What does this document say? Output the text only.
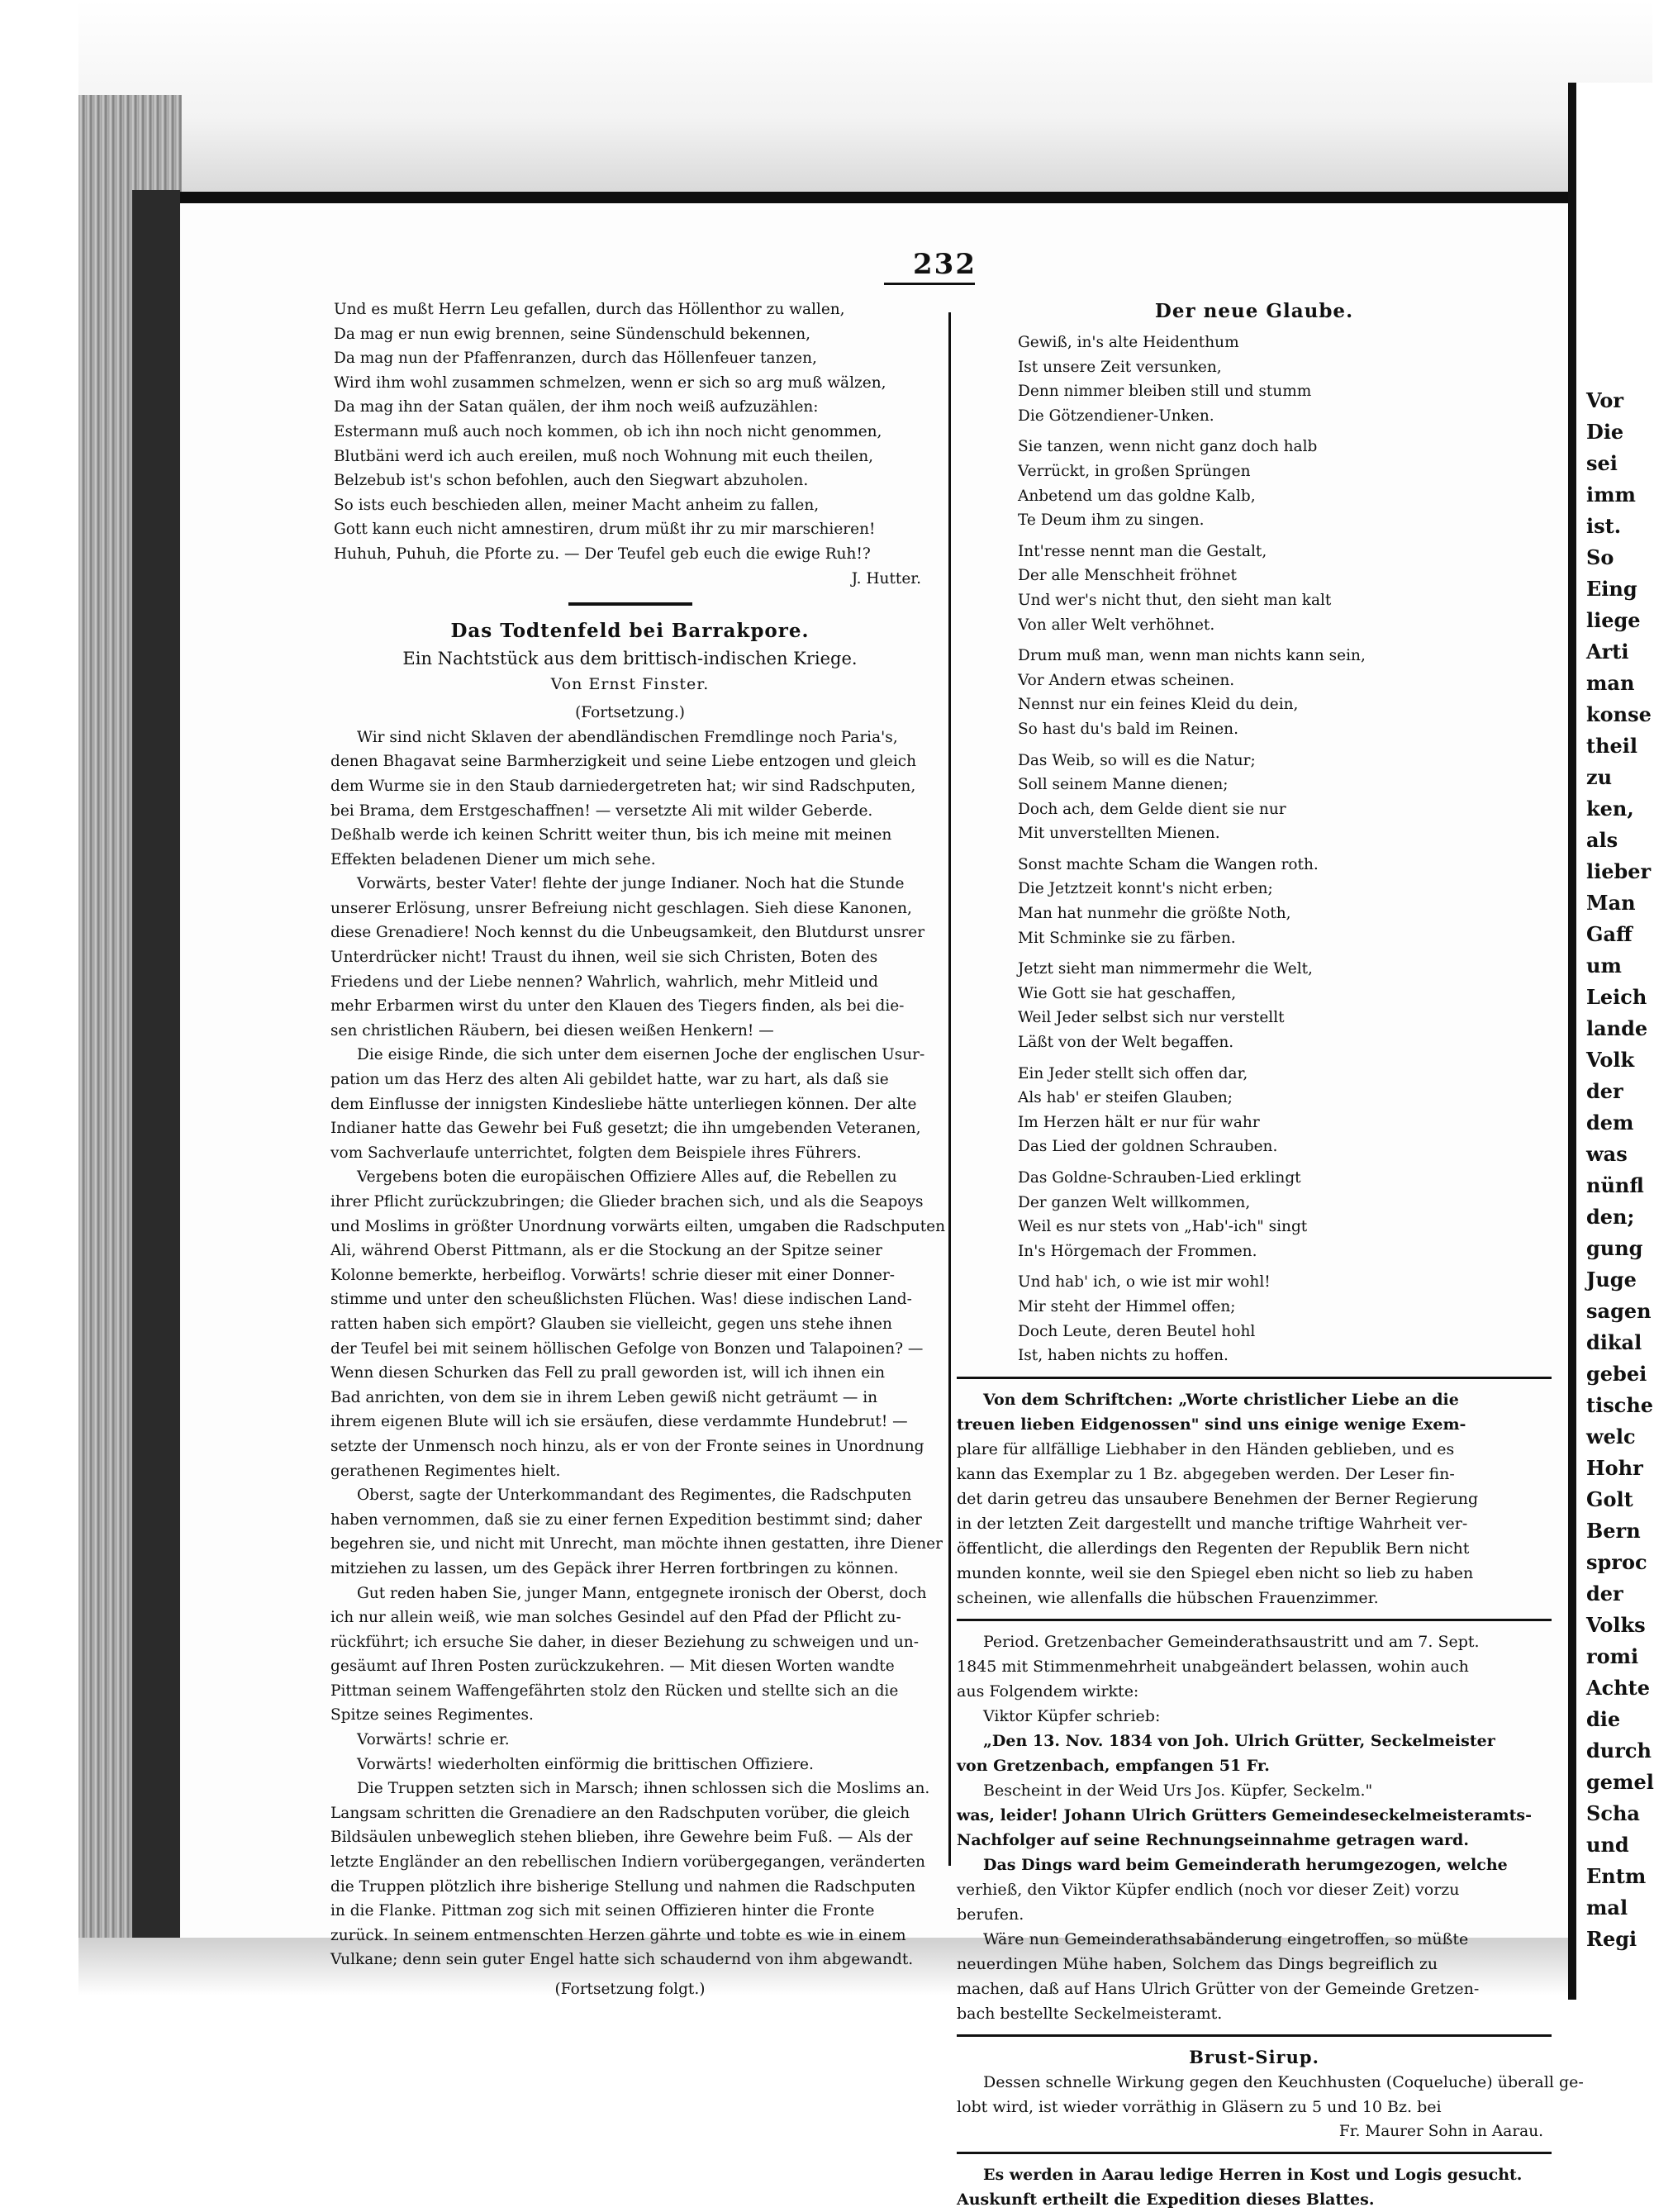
Vor
Die
sei
imm
ist.
So
Eing
liege
Arti
man
konse
theil
zu
ken,
als
lieber
Man
Gaff
um
Leich
lande
Volk
der
dem
was
nünfl
den;
gung
Juge
sagen
dikal
gebei
tische
welc
Hohr
Golt
Bern
sproc
der
Volks
romi
Achte
die
durch
gemel
Scha
und
Entm
mal
Regi
232
Und es mußt Herrn Leu gefallen, durch das Höllenthor zu wallen,
Da mag er nun ewig brennen, seine Sündenschuld bekennen,
Da mag nun der Pfaffenranzen, durch das Höllenfeuer tanzen,
Wird ihm wohl zusammen schmelzen, wenn er sich so arg muß wälzen,
Da mag ihn der Satan quälen, der ihm noch weiß aufzuzählen:
Estermann muß auch noch kommen, ob ich ihn noch nicht genommen,
Blutbäni werd ich auch ereilen, muß noch Wohnung mit euch theilen,
Belzebub ist's schon befohlen, auch den Siegwart abzuholen.
So ists euch beschieden allen, meiner Macht anheim zu fallen,
Gott kann euch nicht amnestiren, drum müßt ihr zu mir marschieren!
Huhuh, Puhuh, die Pforte zu. — Der Teufel geb euch die ewige Ruh!?
J. Hutter.
Das Todtenfeld bei Barrakpore.
Ein Nachtstück aus dem brittisch-indischen Kriege.
Von Ernst Finster.
(Fortsetzung.)
Wir sind nicht Sklaven der abendländischen Fremdlinge noch Paria's,
denen Bhagavat seine Barmherzigkeit und seine Liebe entzogen und gleich
dem Wurme sie in den Staub darniedergetreten hat; wir sind Radschputen,
bei Brama, dem Erstgeschaffnen! — versetzte Ali mit wilder Geberde.
Deßhalb werde ich keinen Schritt weiter thun, bis ich meine mit meinen
Effekten beladenen Diener um mich sehe.
Vorwärts, bester Vater! flehte der junge Indianer. Noch hat die Stunde
unserer Erlösung, unsrer Befreiung nicht geschlagen. Sieh diese Kanonen,
diese Grenadiere! Noch kennst du die Unbeugsamkeit, den Blutdurst unsrer
Unterdrücker nicht! Traust du ihnen, weil sie sich Christen, Boten des
Friedens und der Liebe nennen? Wahrlich, wahrlich, mehr Mitleid und
mehr Erbarmen wirst du unter den Klauen des Tiegers finden, als bei die-
sen christlichen Räubern, bei diesen weißen Henkern! —
Die eisige Rinde, die sich unter dem eisernen Joche der englischen Usur-
pation um das Herz des alten Ali gebildet hatte, war zu hart, als daß sie
dem Einflusse der innigsten Kindesliebe hätte unterliegen können. Der alte
Indianer hatte das Gewehr bei Fuß gesetzt; die ihn umgebenden Veteranen,
vom Sachverlaufe unterrichtet, folgten dem Beispiele ihres Führers.
Vergebens boten die europäischen Offiziere Alles auf, die Rebellen zu
ihrer Pflicht zurückzubringen; die Glieder brachen sich, und als die Seapoys
und Moslims in größter Unordnung vorwärts eilten, umgaben die Radschputen
Ali, während Oberst Pittmann, als er die Stockung an der Spitze seiner
Kolonne bemerkte, herbeiflog. Vorwärts! schrie dieser mit einer Donner-
stimme und unter den scheußlichsten Flüchen. Was! diese indischen Land-
ratten haben sich empört? Glauben sie vielleicht, gegen uns stehe ihnen
der Teufel bei mit seinem höllischen Gefolge von Bonzen und Talapoinen? —
Wenn diesen Schurken das Fell zu prall geworden ist, will ich ihnen ein
Bad anrichten, von dem sie in ihrem Leben gewiß nicht geträumt — in
ihrem eigenen Blute will ich sie ersäufen, diese verdammte Hundebrut! —
setzte der Unmensch noch hinzu, als er von der Fronte seines in Unordnung
gerathenen Regimentes hielt.
Oberst, sagte der Unterkommandant des Regimentes, die Radschputen
haben vernommen, daß sie zu einer fernen Expedition bestimmt sind; daher
begehren sie, und nicht mit Unrecht, man möchte ihnen gestatten, ihre Diener
mitziehen zu lassen, um des Gepäck ihrer Herren fortbringen zu können.
Gut reden haben Sie, junger Mann, entgegnete ironisch der Oberst, doch
ich nur allein weiß, wie man solches Gesindel auf den Pfad der Pflicht zu-
rückführt; ich ersuche Sie daher, in dieser Beziehung zu schweigen und un-
gesäumt auf Ihren Posten zurückzukehren. — Mit diesen Worten wandte
Pittman seinem Waffengefährten stolz den Rücken und stellte sich an die
Spitze seines Regimentes.
Vorwärts! schrie er.
Vorwärts! wiederholten einförmig die brittischen Offiziere.
Die Truppen setzten sich in Marsch; ihnen schlossen sich die Moslims an.
Langsam schritten die Grenadiere an den Radschputen vorüber, die gleich
Bildsäulen unbeweglich stehen blieben, ihre Gewehre beim Fuß. — Als der
letzte Engländer an den rebellischen Indiern vorübergegangen, veränderten
die Truppen plötzlich ihre bisherige Stellung und nahmen die Radschputen
in die Flanke. Pittman zog sich mit seinen Offizieren hinter die Fronte
zurück. In seinem entmenschten Herzen gährte und tobte es wie in einem
Vulkane; denn sein guter Engel hatte sich schaudernd von ihm abgewandt.
(Fortsetzung folgt.)
Der neue Glaube.
Gewiß, in's alte Heidenthum
Ist unsere Zeit versunken,
Denn nimmer bleiben still und stumm
Die Götzendiener-Unken.
Sie tanzen, wenn nicht ganz doch halb
Verrückt, in großen Sprüngen
Anbetend um das goldne Kalb,
Te Deum ihm zu singen.
Int'resse nennt man die Gestalt,
Der alle Menschheit fröhnet
Und wer's nicht thut, den sieht man kalt
Von aller Welt verhöhnet.
Drum muß man, wenn man nichts kann sein,
Vor Andern etwas scheinen.
Nennst nur ein feines Kleid du dein,
So hast du's bald im Reinen.
Das Weib, so will es die Natur;
Soll seinem Manne dienen;
Doch ach, dem Gelde dient sie nur
Mit unverstellten Mienen.
Sonst machte Scham die Wangen roth.
Die Jetztzeit konnt's nicht erben;
Man hat nunmehr die größte Noth,
Mit Schminke sie zu färben.
Jetzt sieht man nimmermehr die Welt,
Wie Gott sie hat geschaffen,
Weil Jeder selbst sich nur verstellt
Läßt von der Welt begaffen.
Ein Jeder stellt sich offen dar,
Als hab' er steifen Glauben;
Im Herzen hält er nur für wahr
Das Lied der goldnen Schrauben.
Das Goldne-Schrauben-Lied erklingt
Der ganzen Welt willkommen,
Weil es nur stets von „Hab'-ich" singt
In's Hörgemach der Frommen.
Und hab' ich, o wie ist mir wohl!
Mir steht der Himmel offen;
Doch Leute, deren Beutel hohl
Ist, haben nichts zu hoffen.
Von dem Schriftchen: „Worte christlicher Liebe an die
treuen lieben Eidgenossen" sind uns einige wenige Exem-
plare für allfällige Liebhaber in den Händen geblieben, und es
kann das Exemplar zu 1 Bz. abgegeben werden. Der Leser fin-
det darin getreu das unsaubere Benehmen der Berner Regierung
in der letzten Zeit dargestellt und manche triftige Wahrheit ver-
öffentlicht, die allerdings den Regenten der Republik Bern nicht
munden konnte, weil sie den Spiegel eben nicht so lieb zu haben
scheinen, wie allenfalls die hübschen Frauenzimmer.
Period. Gretzenbacher Gemeinderathsaustritt und am 7. Sept.
1845 mit Stimmenmehrheit unabgeändert belassen, wohin auch
aus Folgendem wirkte:
Viktor Küpfer schrieb:
„Den 13. Nov. 1834 von Joh. Ulrich Grütter, Seckelmeister
von Gretzenbach, empfangen 51 Fr.
Bescheint in der Weid Urs Jos. Küpfer, Seckelm."
was, leider! Johann Ulrich Grütters Gemeindeseckelmeisteramts-
Nachfolger auf seine Rechnungseinnahme getragen ward.
Das Dings ward beim Gemeinderath herumgezogen, welche
verhieß, den Viktor Küpfer endlich (noch vor dieser Zeit) vorzu
berufen.
Wäre nun Gemeinderathsabänderung eingetroffen, so müßte
neuerdingen Mühe haben, Solchem das Dings begreiflich zu
machen, daß auf Hans Ulrich Grütter von der Gemeinde Gretzen-
bach bestellte Seckelmeisteramt.
Brust-Sirup.
Dessen schnelle Wirkung gegen den Keuchhusten (Coqueluche) überall ge-
lobt wird, ist wieder vorräthig in Gläsern zu 5 und 10 Bz. bei
Fr. Maurer Sohn in Aarau.
Es werden in Aarau ledige Herren in Kost und Logis gesucht.
Auskunft ertheilt die Expedition dieses Blattes.
